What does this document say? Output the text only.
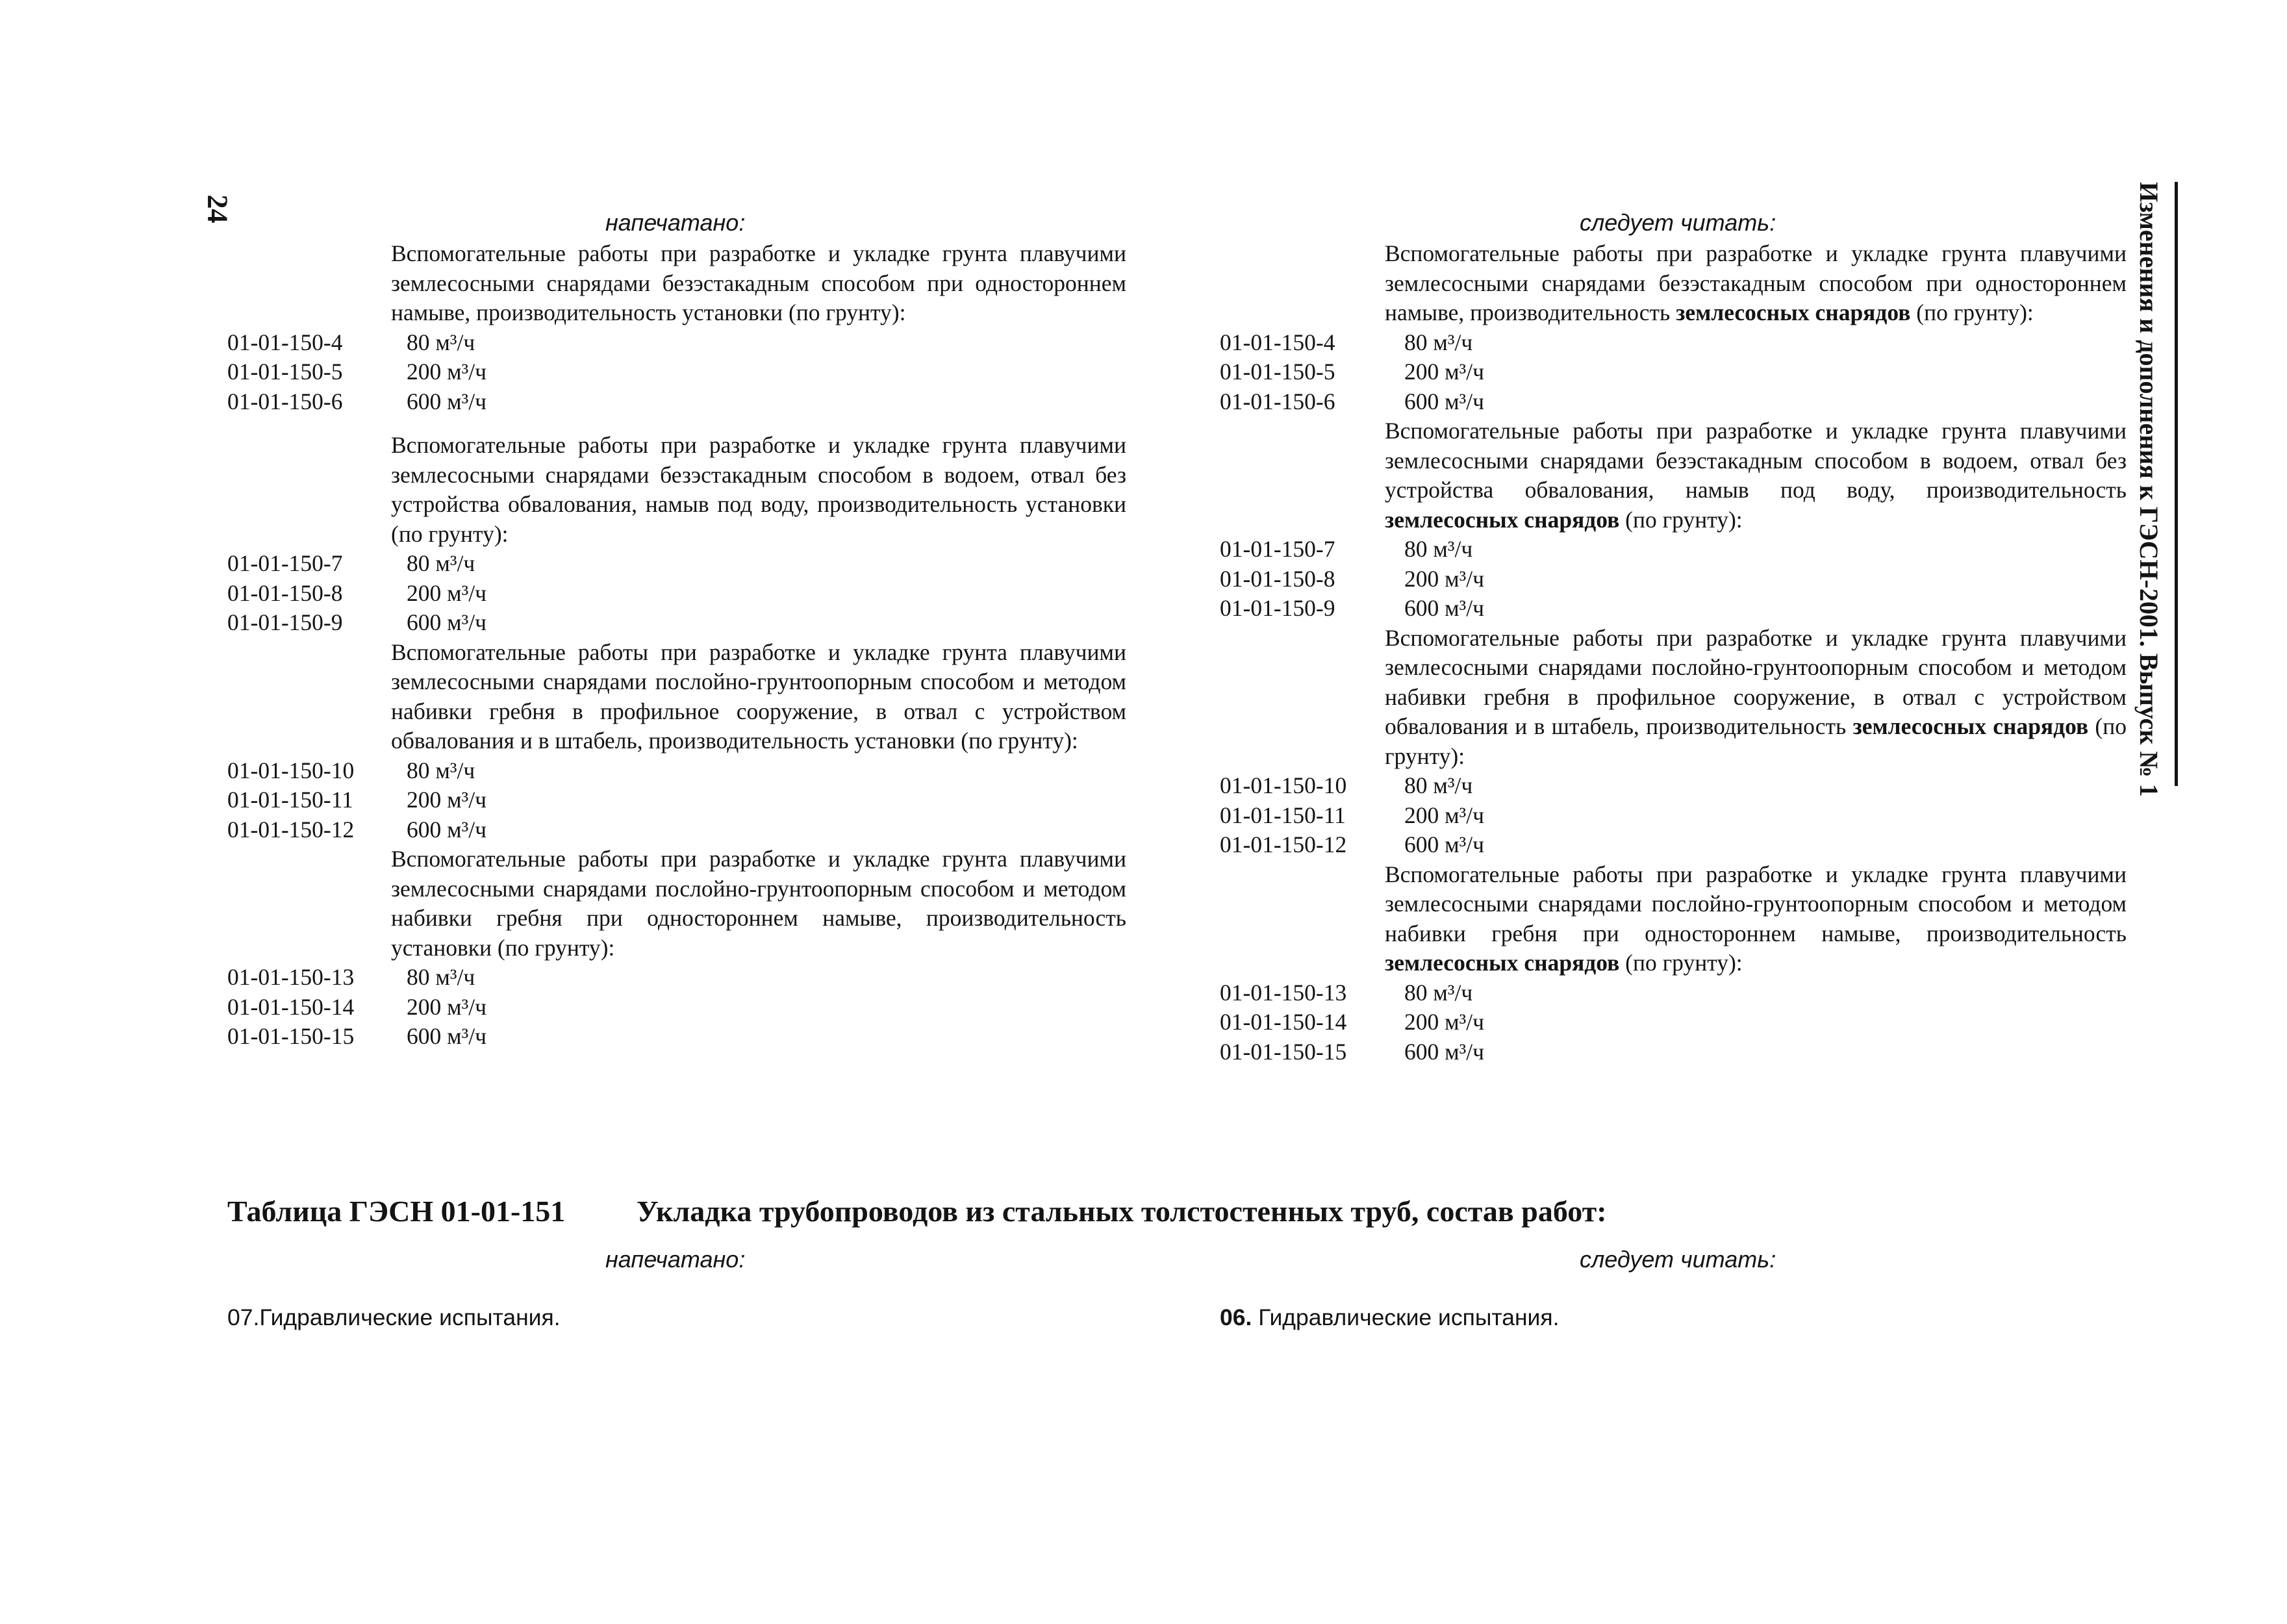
24	Изменения и дополнения к ГЭСН-2001. Выпуск № 1
напечатано:
Вспомогательные работы при разработке и укладке грунта плавучими землесосными снарядами безэстакадным способом при одностороннем намыве, производительность установки (по грунту):
01-01-150-4	80 м³/ч
01-01-150-5	200 м³/ч
01-01-150-6	600 м³/ч
Вспомогательные работы при разработке и укладке грунта плавучими землесосными снарядами безэстакадным способом в водоем, отвал без устройства обвалования, намыв под воду, производительность установки (по грунту):
01-01-150-7	80 м³/ч
01-01-150-8	200 м³/ч
01-01-150-9	600 м³/ч
Вспомогательные работы при разработке и укладке грунта плавучими землесосными снарядами послойно-грунтоопорным способом и методом набивки гребня в профильное сооружение, в отвал с устройством обвалования и в штабель, производительность установки (по грунту):
01-01-150-10	80 м³/ч
01-01-150-11	200 м³/ч
01-01-150-12	600 м³/ч
Вспомогательные работы при разработке и укладке грунта плавучими землесосными снарядами послойно-грунтоопорным способом и методом набивки гребня при одностороннем намыве, производительность установки (по грунту):
01-01-150-13	80 м³/ч
01-01-150-14	200 м³/ч
01-01-150-15	600 м³/ч
следует читать:
Вспомогательные работы при разработке и укладке грунта плавучими землесосными снарядами безэстакадным способом при одностороннем намыве, производительность землесосных снарядов (по грунту):
01-01-150-4	80 м³/ч
01-01-150-5	200 м³/ч
01-01-150-6	600 м³/ч
Вспомогательные работы при разработке и укладке грунта плавучими землесосными снарядами безэстакадным способом в водоем, отвал без устройства обвалования, намыв под воду, производительность землесосных снарядов (по грунту):
01-01-150-7	80 м³/ч
01-01-150-8	200 м³/ч
01-01-150-9	600 м³/ч
Вспомогательные работы при разработке и укладке грунта плавучими землесосными снарядами послойно-грунтоопорным способом и методом набивки гребня в профильное сооружение, в отвал с устройством обвалования и в штабель, производительность землесосных снарядов (по грунту):
01-01-150-10	80 м³/ч
01-01-150-11	200 м³/ч
01-01-150-12	600 м³/ч
Вспомогательные работы при разработке и укладке грунта плавучими землесосными снарядами послойно-грунтоопорным способом и методом набивки гребня при одностороннем намыве, производительность землесосных снарядов (по грунту):
01-01-150-13	80 м³/ч
01-01-150-14	200 м³/ч
01-01-150-15	600 м³/ч
Таблица ГЭСН 01-01-151 Укладка трубопроводов из стальных толстостенных труб, состав работ:
напечатано:	следует читать:
07.Гидравлические испытания.	06. Гидравлические испытания.
